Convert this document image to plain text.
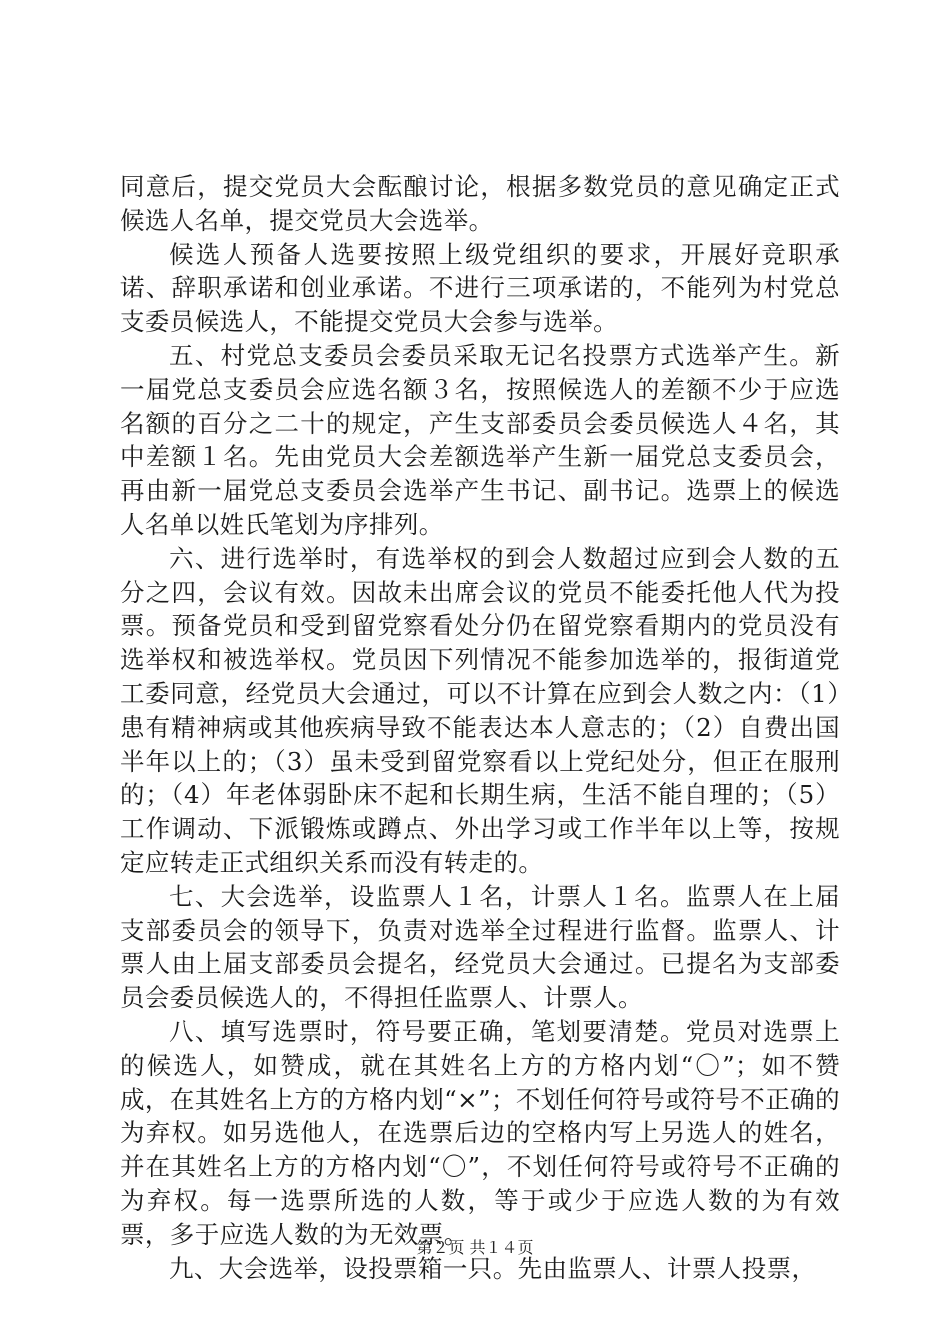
同意后，提交党员大会酝酿讨论，根据多数党员的意见确定正式候选人名单，提交党员大会选举。

候选人预备人选要按照上级党组织的要求，开展好竞职承诺、辞职承诺和创业承诺。不进行三项承诺的，不能列为村党总支委员候选人，不能提交党员大会参与选举。

五、村党总支委员会委员采取无记名投票方式选举产生。新一届党总支委员会应选名额３名，按照候选人的差额不少于应选名额的百分之二十的规定，产生支部委员会委员候选人４名，其中差额１名。先由党员大会差额选举产生新一届党总支委员会，再由新一届党总支委员会选举产生书记、副书记。选票上的候选人名单以姓氏笔划为序排列。

六、进行选举时，有选举权的到会人数超过应到会人数的五分之四，会议有效。因故未出席会议的党员不能委托他人代为投票。预备党员和受到留党察看处分仍在留党察看期内的党员没有选举权和被选举权。党员因下列情况不能参加选举的，报街道党工委同意，经党员大会通过，可以不计算在应到会人数之内：（1）患有精神病或其他疾病导致不能表达本人意志的；（2）自费出国半年以上的；（3）虽未受到留党察看以上党纪处分，但正在服刑的；（4）年老体弱卧床不起和长期生病，生活不能自理的；（5）工作调动、下派锻炼或蹲点、外出学习或工作半年以上等，按规定应转走正式组织关系而没有转走的。

七、大会选举，设监票人１名，计票人１名。监票人在上届支部委员会的领导下，负责对选举全过程进行监督。监票人、计票人由上届支部委员会提名，经党员大会通过。已提名为支部委员会委员候选人的，不得担任监票人、计票人。

八、填写选票时，符号要正确，笔划要清楚。党员对选票上的候选人，如赞成，就在其姓名上方的方格内划“〇”；如不赞成，在其姓名上方的方格内划“×”；不划任何符号或符号不正确的为弃权。如另选他人，在选票后边的空格内写上另选人的姓名，并在其姓名上方的方格内划“〇”，不划任何符号或符号不正确的为弃权。每一选票所选的人数，等于或少于应选人数的为有效票，多于应选人数的为无效票。

九、大会选举，设投票箱一只。先由监票人、计票人投票，

第２页 共１４页
